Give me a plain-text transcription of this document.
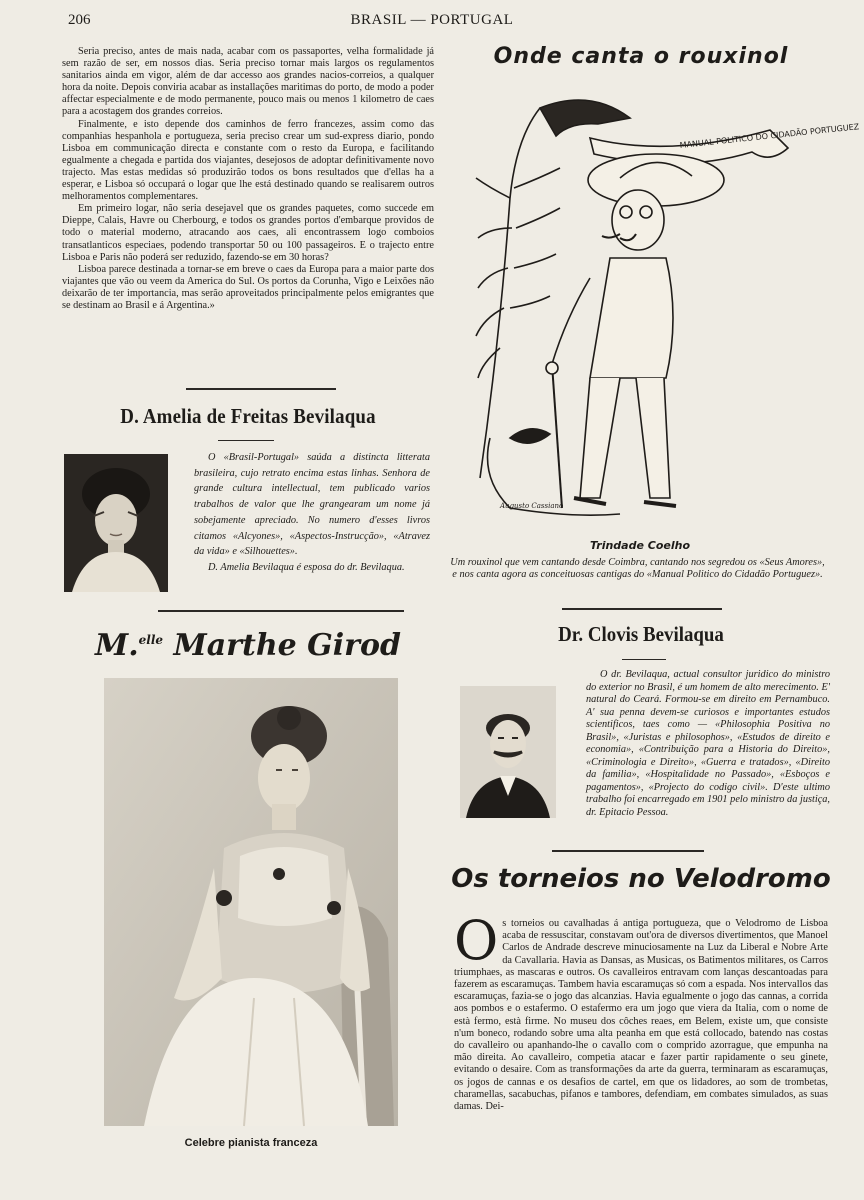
206	BRASIL — PORTUGAL

Seria preciso, antes de mais nada, acabar com os passaportes, velha formalidade já sem razão de ser, em nossos dias. Seria preciso tornar mais largos os regulamentos sanitarios ainda em vigor, além de dar accesso aos grandes nacios-correios, a qualquer hora da noite. Depois conviria acabar as installações maritimas do porto, de modo a poder affectar especialmente e de modo permanente, pouco mais ou menos 1 kilometro de caes para a acostagem dos grandes correios.

Finalmente, e isto depende dos caminhos de ferro francezes, assim como das companhias hespanhola e portugueza, seria preciso crear um sud-express diario, pondo Lisboa em communicação directa e constante com o resto da Europa, e facilitando egualmente a chegada e partida dos viajantes, desejosos de adoptar definitivamente novo trajecto. Mas estas medidas só produzirão todos os bons resultados que d'ellas ha a esperar, e Lisboa só occupará o logar que lhe está destinado quando se realisarem outros melhoramentos complementares.

Em primeiro logar, não seria desejavel que os grandes paquetes, como succede em Dieppe, Calais, Havre ou Cherbourg, e todos os grandes portos d'embarque providos de todo o material moderno, atracando aos caes, ali encontrassem logo comboios transatlanticos especiaes, podendo transportar 50 ou 100 passageiros. E o trajecto entre Lisboa e Paris não poderá ser reduzido, fazendo-se em 30 horas?

Lisboa parece destinada a tornar-se em breve o caes da Europa para a maior parte dos viajantes que vão ou veem da America do Sul. Os portos da Corunha, Vigo e Leixões não deixarão de ter importancia, mas serão aproveitados principalmente pelos emigrantes que se destinam ao Brasil e á Argentina.»

D. Amelia de Freitas Bevilaqua

O «Brasil-Portugal» saúda a distincta litterata brasileira, cujo retrato encima estas linhas. Senhora de grande cultura intellectual, tem publicado varios trabalhos de valor que lhe grangearam um nome já sobejamente apreciado. No numero d'esses livros citamos «Alcyones», «Aspectos-Instrucção», «Atravez da vida» e «Silhouettes».

D. Amelia Bevilaqua é esposa do dr. Bevilaqua.

M.$^{elle}$ Marthe Girod
Celebre pianista franceza
Onde canta o rouxinol
MANUAL POLITICO DO CIDADÃO PORTUGUEZ
Augusto Cassiano
Trindade Coelho
Um rouxinol que vem cantando desde Coimbra, cantando nos segredou os «Seus Amores», e nos canta agora as conceituosas cantigas do «Manual Politico do Cidadão Portuguez».
Dr. Clovis Bevilaqua

O dr. Bevilaqua, actual consultor juridico do ministro do exterior no Brasil, é um homem de alto merecimento. E' natural do Ceará. Formou-se em direito em Pernambuco. A' sua penna devem-se curiosos e importantes estudos scientificos, taes como — «Philosophia Positiva no Brasil», «Juristas e philosophos», «Estudos de direito e economia», «Contribuição para a Historia do Direito», «Criminologia e Direito», «Guerra e tratados», «Direito da familia», «Hospitalidade no Passado», «Esboços e pagamentos», «Projecto do codigo civil». D'este ultimo trabalho foi encarregado em 1901 pelo ministro da justiça, dr. Epitacio Pessoa.

Os torneios no Velodromo

Os torneios ou cavalhadas á antiga portugueza, que o Velodromo de Lisboa acaba de ressuscitar, constavam out'ora de diversos divertimentos, que Manoel Carlos de Andrade descreve minuciosamente na Luz da Liberal e Nobre Arte da Cavallaria. Havia as Dansas, as Musicas, os Batimentos militares, os Carros triumphaes, as mascaras e outros. Os cavalleiros entravam com lanças descantoadas para fazerem as escaramuças. Tambem havia escaramuças só com a espada. Nos intervallos das escaramuças, fazia-se o jogo das alcanzias. Havia egualmente o jogo das cannas, a corrida aos pombos e o estafermo. O estafermo era um jogo que viera da Italia, com o nome de està fermo, està firme. No museu dos côches reaes, em Belem, existe um, que consiste n'um boneco, rodando sobre uma alta peanha em que está collocado, batendo nas costas do cavalleiro ou apanhando-lhe o cavallo com o comprido azorrague, que empunha na mão direita. Ao cavalleiro, competia atacar e fazer partir rapidamente o seu ginete, evitando o desaire. Com as transformações da arte da guerra, terminaram as escaramuças, os jogos de cannas e os desafios de cartel, em que os lidadores, ao som de trombetas, charamellas, sacabuchas, pifanos e tambores, defendiam, em combates simulados, as suas damas. Dei-
